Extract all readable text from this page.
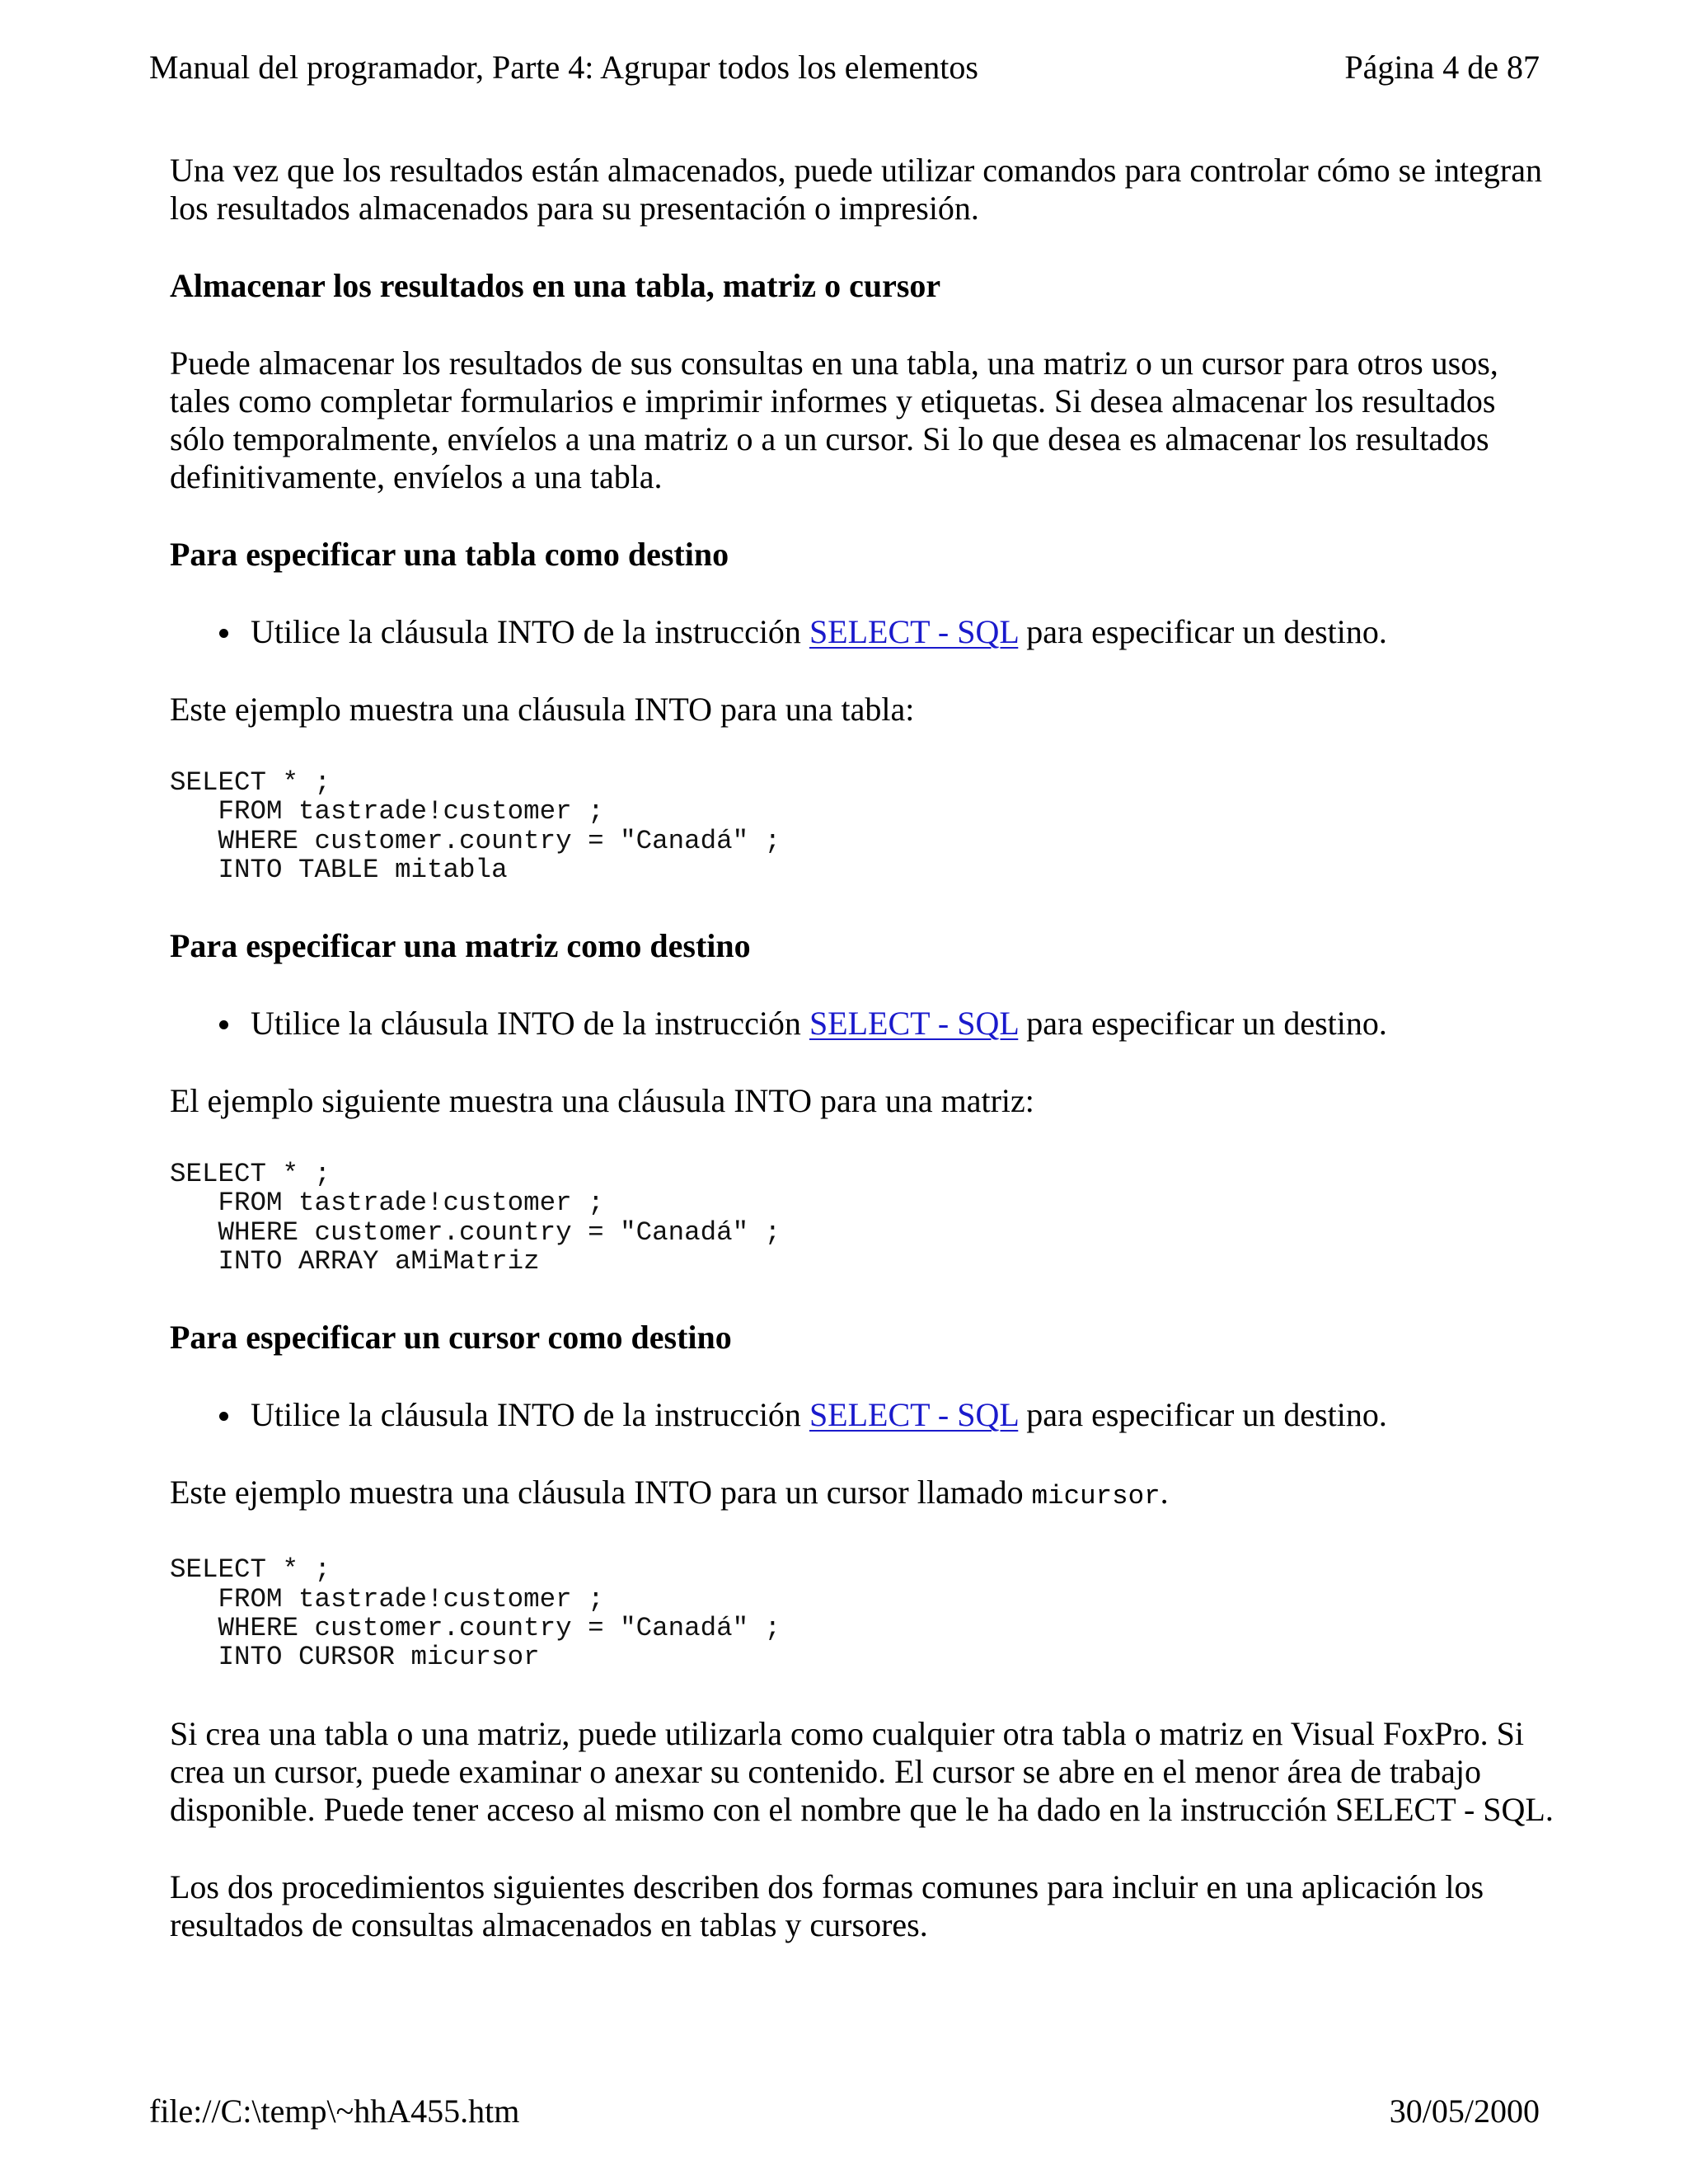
Manual del programador, Parte 4: Agrupar todos los elementos	Página 4 de 87

Una vez que los resultados están almacenados, puede utilizar comandos para controlar cómo se integran los resultados almacenados para su presentación o impresión.

Almacenar los resultados en una tabla, matriz o cursor

Puede almacenar los resultados de sus consultas en una tabla, una matriz o un cursor para otros usos, tales como completar formularios e imprimir informes y etiquetas. Si desea almacenar los resultados sólo temporalmente, envíelos a una matriz o a un cursor. Si lo que desea es almacenar los resultados definitivamente, envíelos a una tabla.

Para especificar una tabla como destino

Utilice la cláusula INTO de la instrucción SELECT - SQL para especificar un destino.

Este ejemplo muestra una cláusula INTO para una tabla:

SELECT * ;
FROM tastrade!customer ;
WHERE customer.country = "Canadá" ;
INTO TABLE mitabla

Para especificar una matriz como destino

Utilice la cláusula INTO de la instrucción SELECT - SQL para especificar un destino.

El ejemplo siguiente muestra una cláusula INTO para una matriz:

SELECT * ;
FROM tastrade!customer ;
WHERE customer.country = "Canadá" ;
INTO ARRAY aMiMatriz

Para especificar un cursor como destino

Utilice la cláusula INTO de la instrucción SELECT - SQL para especificar un destino.

Este ejemplo muestra una cláusula INTO para un cursor llamado micursor.

SELECT * ;
FROM tastrade!customer ;
WHERE customer.country = "Canadá" ;
INTO CURSOR micursor

Si crea una tabla o una matriz, puede utilizarla como cualquier otra tabla o matriz en Visual FoxPro. Si crea un cursor, puede examinar o anexar su contenido. El cursor se abre en el menor área de trabajo disponible. Puede tener acceso al mismo con el nombre que le ha dado en la instrucción SELECT - SQL.

Los dos procedimientos siguientes describen dos formas comunes para incluir en una aplicación los resultados de consultas almacenados en tablas y cursores.

file://C:\temp\~hhA455.htm	30/05/2000
